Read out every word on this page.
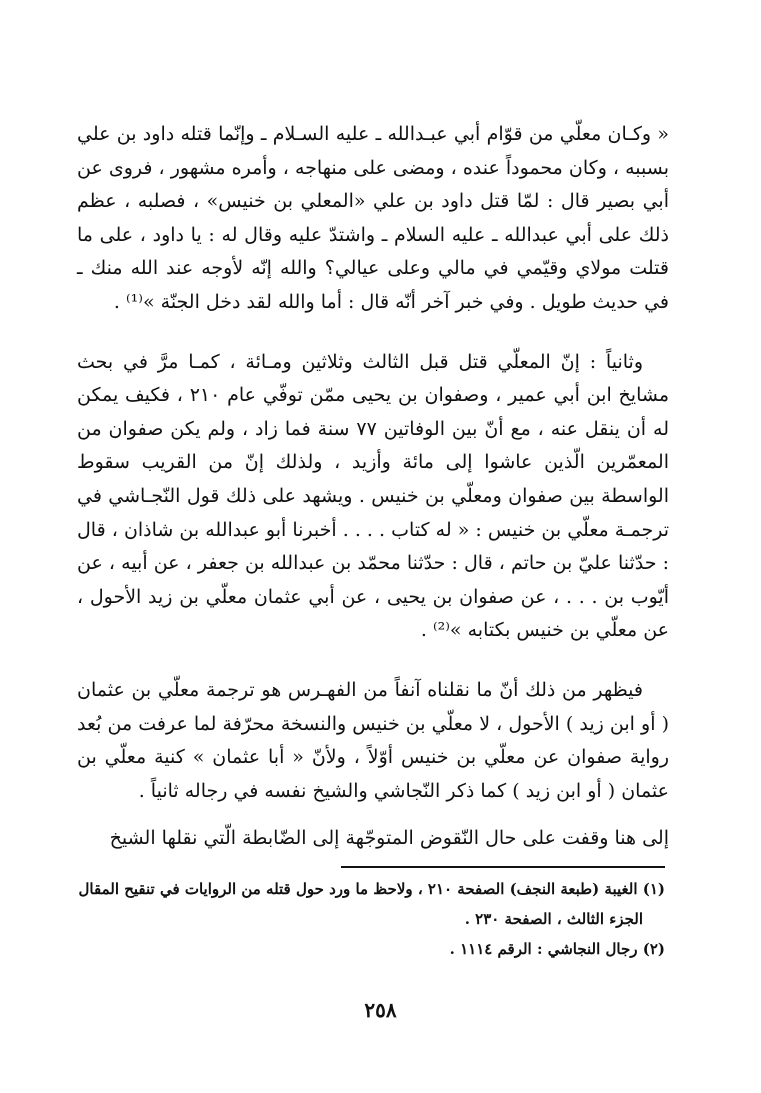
« وكـان معلّي من قوّام أبي عبـدالله ـ عليه السـلام ـ وإنّما قتله داود بن علي بسببه ، وكان محموداً عنده ، ومضى على منهاجه ، وأمره مشهور ، فروى عن أبي بصير قال : لمّا قتل داود بن علي «المعلي بن خنيس» ، فصلبه ، عظم ذلك على أبي عبدالله ـ عليه السلام ـ واشتدّ عليه وقال له : يا داود ، على ما قتلت مولاي وقيّمي في مالي وعلى عيالي؟ والله إنّه لأوجه عند الله منك ـ في حديث طويل . وفي خبر آخر أنّه قال : أما والله لقد دخل الجنّة »⁽¹⁾ .

وثانياً : إنّ المعلّي قتل قبل الثالث وثلاثين ومـائة ، كمـا مرَّ في بحث مشايخ ابن أبي عمير ، وصفوان بن يحيى ممّن توفّي عام ٢١٠ ، فكيف يمكن له أن ينقل عنه ، مع أنّ بين الوفاتين ٧٧ سنة فما زاد ، ولم يكن صفوان من المعمّرين الّذين عاشوا إلى مائة وأزيد ، ولذلك إنّ من القريب سقوط الواسطة بين صفوان ومعلّي بن خنيس . ويشهد على ذلك قول النّجـاشي في ترجمـة معلّي بن خنيس : « له كتاب . . . . أخبرنا أبو عبدالله بن شاذان ، قال : حدّثنا عليّ بن حاتم ، قال : حدّثنا محمّد بن عبدالله بن جعفر ، عن أبيه ، عن أيّوب بن . . . ، عن صفوان بن يحيى ، عن أبي عثمان معلّي بن زيد الأحول ، عن معلّي بن خنيس بكتابه »⁽²⁾ .

فيظهر من ذلك أنّ ما نقلناه آنفاً من الفهـرس هو ترجمة معلّي بن عثمان ( أو ابن زيد ) الأحول ، لا معلّي بن خنيس والنسخة محرّفة لما عرفت من بُعد رواية صفوان عن معلّي بن خنيس أوّلاً ، ولأنّ « أبا عثمان » كنية معلّي بن عثمان ( أو ابن زيد ) كما ذكر النّجاشي والشيخ نفسه في رجاله ثانياً .

إلى هنا وقفت على حال النّقوض المتوجّهة إلى الضّابطة الّتي نقلها الشيخ

(١) الغيبة (طبعة النجف) الصفحة ٢١٠ ، ولاحظ ما ورد حول قتله من الروايات في تنقيح المقال

الجزء الثالث ، الصفحة ٢٣٠ .

(٢) رجال النجاشي : الرقم ١١١٤ .

٢٥٨
